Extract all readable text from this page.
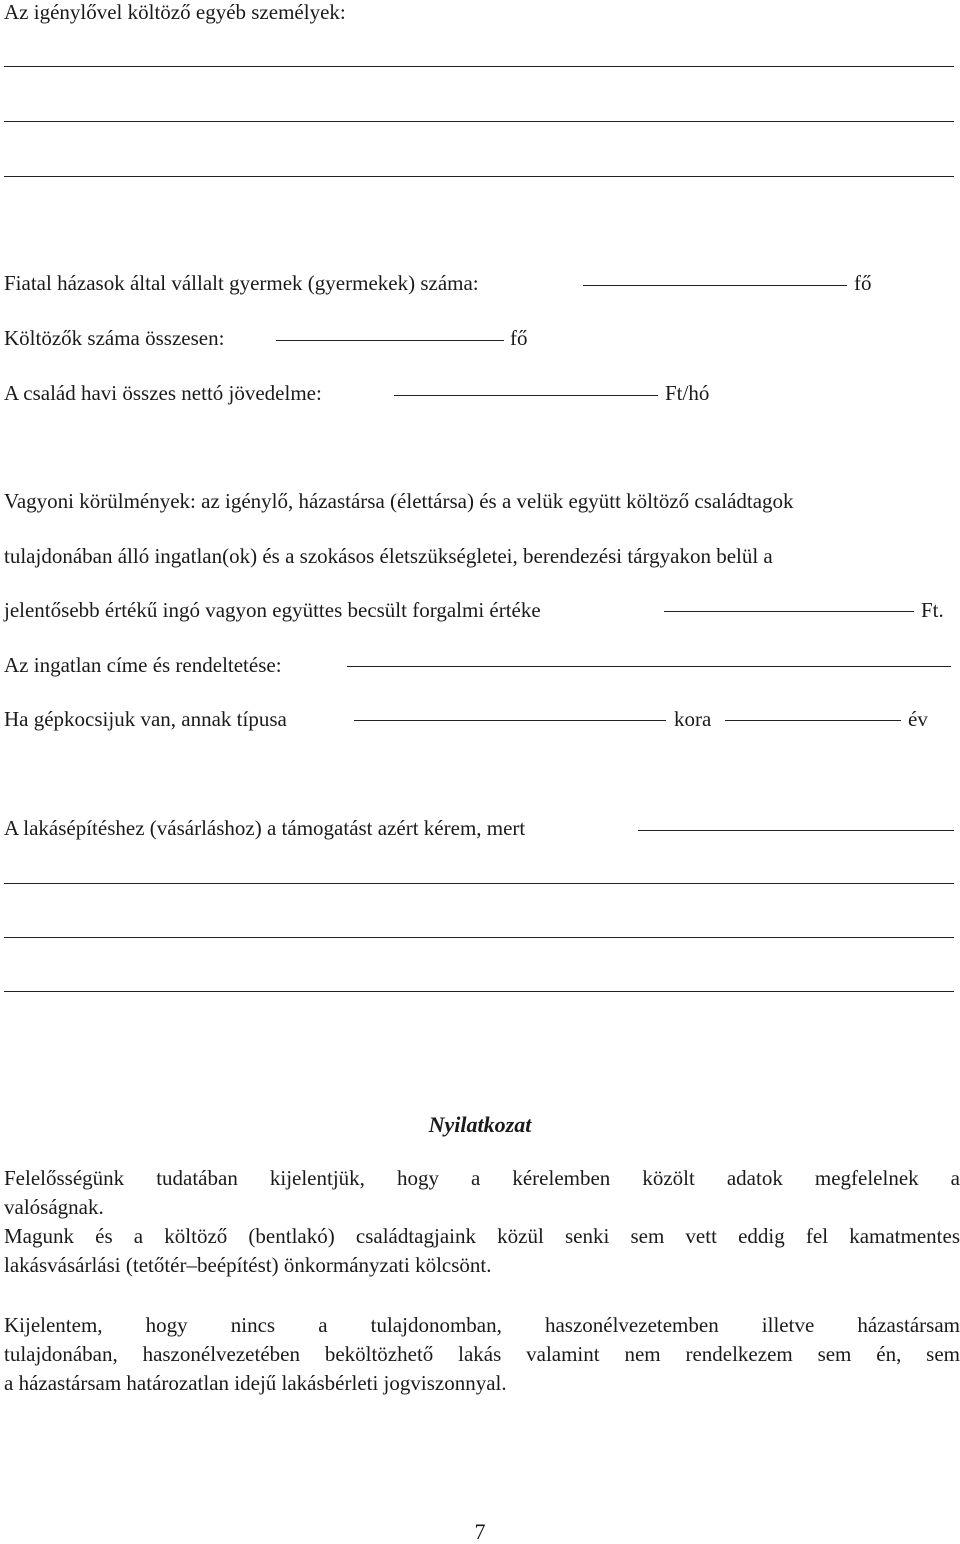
Az igénylővel költöző egyéb személyek:
Fiatal házasok által vállalt gyermek (gyermekek) száma:	fő
Költözők száma összesen:	fő
A család havi összes nettó jövedelme:	Ft/hó
Vagyoni körülmények: az igénylő, házastársa (élettársa) és a velük együtt költöző családtagok
tulajdonában álló ingatlan(ok) és a szokásos életszükségletei, berendezési tárgyakon belül a
jelentősebb értékű ingó vagyon együttes becsült forgalmi értéke	Ft.
Az ingatlan címe és rendeltetése:
Ha gépkocsijuk van, annak típusa	kora	év
A lakásépítéshez (vásárláshoz) a támogatást azért kérem, mert
Nyilatkozat
Felelősségünk tudatában kijelentjük, hogy a kérelemben közölt adatok megfelelnek a
valóságnak.
Magunk és a költöző (bentlakó) családtagjaink közül senki sem vett eddig fel kamatmentes
lakásvásárlási (tetőtér–beépítést) önkormányzati kölcsönt.
Kijelentem, hogy nincs a tulajdonomban, haszonélvezetemben illetve házastársam
tulajdonában, haszonélvezetében beköltözhető lakás valamint nem rendelkezem sem én, sem
a házastársam határozatlan idejű lakásbérleti jogviszonnyal.
7
